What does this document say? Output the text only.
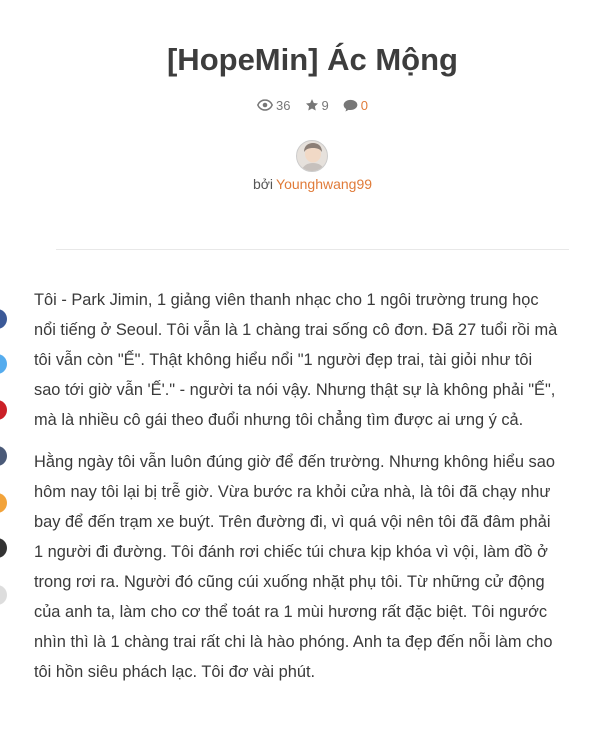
[HopeMin] Ác Mộng
36 9 0
bởi Younghwang99

Tôi - Park Jimin, 1 giảng viên thanh nhạc cho 1 ngôi trường trung học nổi tiếng ở Seoul. Tôi vẫn là 1 chàng trai sống cô đơn. Đã 27 tuổi rồi mà tôi vẫn còn "Ế". Thật không hiểu nổi "1 người đẹp trai, tài giỏi như tôi sao tới giờ vẫn 'Ế'." - người ta nói vậy. Nhưng thật sự là không phải "Ế", mà là nhiều cô gái theo đuổi nhưng tôi chẳng tìm được ai ưng ý cả.

Hằng ngày tôi vẫn luôn đúng giờ để đến trường. Nhưng không hiểu sao hôm nay tôi lại bị trễ giờ. Vừa bước ra khỏi cửa nhà, là tôi đã chạy như bay để đến trạm xe buýt. Trên đường đi, vì quá vội nên tôi đã đâm phải 1 người đi đường. Tôi đánh rơi chiếc túi chưa kịp khóa vì vội, làm đồ ở trong rơi ra. Người đó cũng cúi xuống nhặt phụ tôi. Từ những cử động của anh ta, làm cho cơ thể toát ra 1 mùi hương rất đặc biệt. Tôi ngước nhìn thì là 1 chàng trai rất chi là hào phóng. Anh ta đẹp đến nỗi làm cho tôi hồn siêu phách lạc. Tôi đơ vài phút.
